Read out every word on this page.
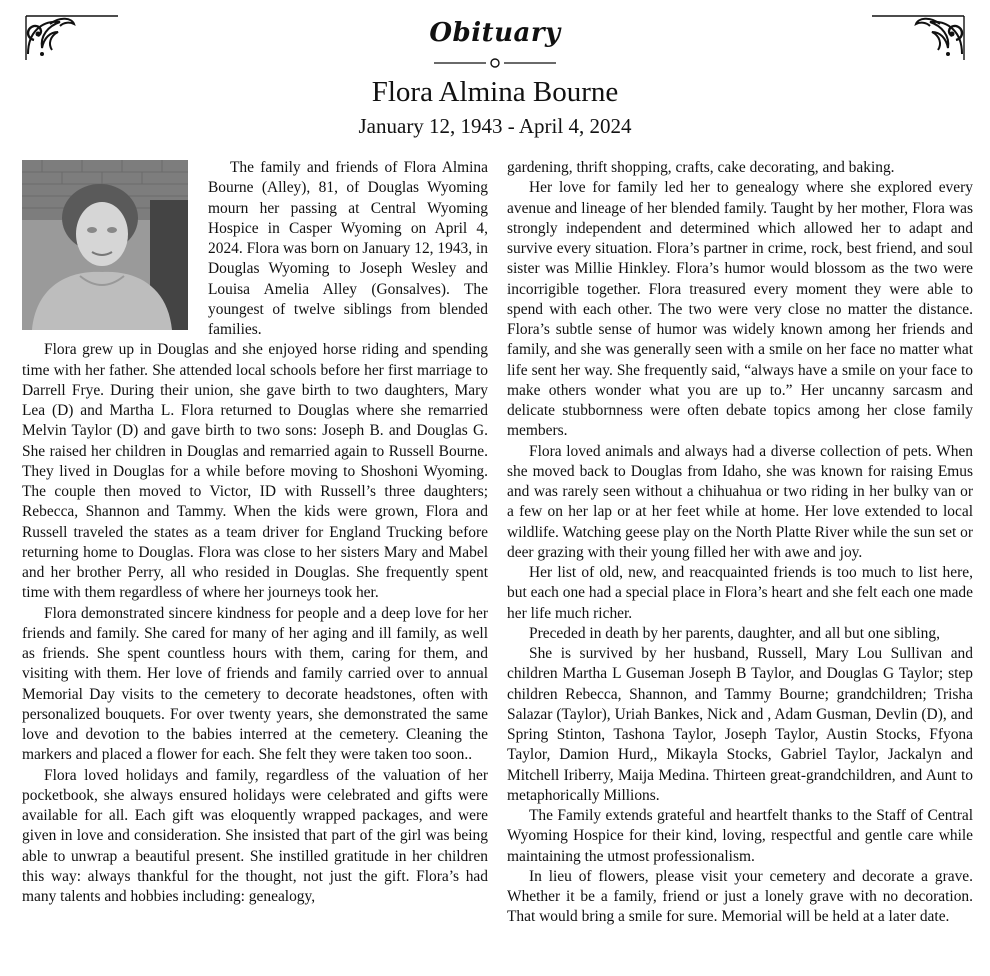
Obituary
Flora Almina Bourne
January 12, 1943 - April 4, 2024

The family and friends of Flora Almina Bourne (Alley), 81, of Douglas Wyoming mourn her passing at Central Wyoming Hospice in Casper Wyoming on April 4, 2024. Flora was born on January 12, 1943, in Douglas Wyoming to Joseph Wesley and Louisa Amelia Alley (Gonsalves). The youngest of twelve siblings from blended families.

Flora grew up in Douglas and she enjoyed horse riding and spending time with her father. She attended local schools before her first marriage to Darrell Frye. During their union, she gave birth to two daughters, Mary Lea (D) and Martha L. Flora returned to Douglas where she remarried Melvin Taylor (D) and gave birth to two sons: Joseph B. and Douglas G. She raised her children in Douglas and remarried again to Russell Bourne. They lived in Douglas for a while before moving to Shoshoni Wyoming. The couple then moved to Victor, ID with Russell’s three daughters; Rebecca, Shannon and Tammy. When the kids were grown, Flora and Russell traveled the states as a team driver for England Trucking before returning home to Douglas. Flora was close to her sisters Mary and Mabel and her brother Perry, all who resided in Douglas. She frequently spent time with them regardless of where her journeys took her.

Flora demonstrated sincere kindness for people and a deep love for her friends and family. She cared for many of her aging and ill family, as well as friends. She spent countless hours with them, caring for them, and visiting with them. Her love of friends and family carried over to annual Memorial Day visits to the cemetery to decorate headstones, often with personalized bouquets. For over twenty years, she demonstrated the same love and devotion to the babies interred at the cemetery. Cleaning the markers and placed a flower for each. She felt they were taken too soon..

Flora loved holidays and family, regardless of the valuation of her pocketbook, she always ensured holidays were celebrated and gifts were available for all. Each gift was eloquently wrapped packages, and were given in love and consideration. She insisted that part of the girl was being able to unwrap a beautiful present. She instilled gratitude in her children this way: always thankful for the thought, not just the gift. Flora’s had many talents and hobbies including: genealogy,

gardening, thrift shopping, crafts, cake decorating, and baking.

Her love for family led her to genealogy where she explored every avenue and lineage of her blended family. Taught by her mother, Flora was strongly independent and determined which allowed her to adapt and survive every situation. Flora’s partner in crime, rock, best friend, and soul sister was Millie Hinkley. Flora’s humor would blossom as the two were incorrigible together. Flora treasured every moment they were able to spend with each other. The two were very close no matter the distance. Flora’s subtle sense of humor was widely known among her friends and family, and she was generally seen with a smile on her face no matter what life sent her way. She frequently said, “always have a smile on your face to make others wonder what you are up to.” Her uncanny sarcasm and delicate stubbornness were often debate topics among her close family members.

Flora loved animals and always had a diverse collection of pets. When she moved back to Douglas from Idaho, she was known for raising Emus and was rarely seen without a chihuahua or two riding in her bulky van or a few on her lap or at her feet while at home. Her love extended to local wildlife. Watching geese play on the North Platte River while the sun set or deer grazing with their young filled her with awe and joy.

Her list of old, new, and reacquainted friends is too much to list here, but each one had a special place in Flora’s heart and she felt each one made her life much richer.

Preceded in death by her parents, daughter, and all but one sibling,

She is survived by her husband, Russell, Mary Lou Sullivan and children Martha L Guseman Joseph B Taylor, and Douglas G Taylor; step children Rebecca, Shannon, and Tammy Bourne; grandchildren; Trisha Salazar (Taylor), Uriah Bankes, Nick and , Adam Gusman, Devlin (D), and Spring Stinton, Tashona Taylor, Joseph Taylor, Austin Stocks, Ffyona Taylor, Damion Hurd,, Mikayla Stocks, Gabriel Taylor, Jackalyn and Mitchell Iriberry, Maija Medina. Thirteen great-grandchildren, and Aunt to metaphorically Millions.

The Family extends grateful and heartfelt thanks to the Staff of Central Wyoming Hospice for their kind, loving, respectful and gentle care while maintaining the utmost professionalism.

In lieu of flowers, please visit your cemetery and decorate a grave. Whether it be a family, friend or just a lonely grave with no decoration. That would bring a smile for sure. Memorial will be held at a later date.
